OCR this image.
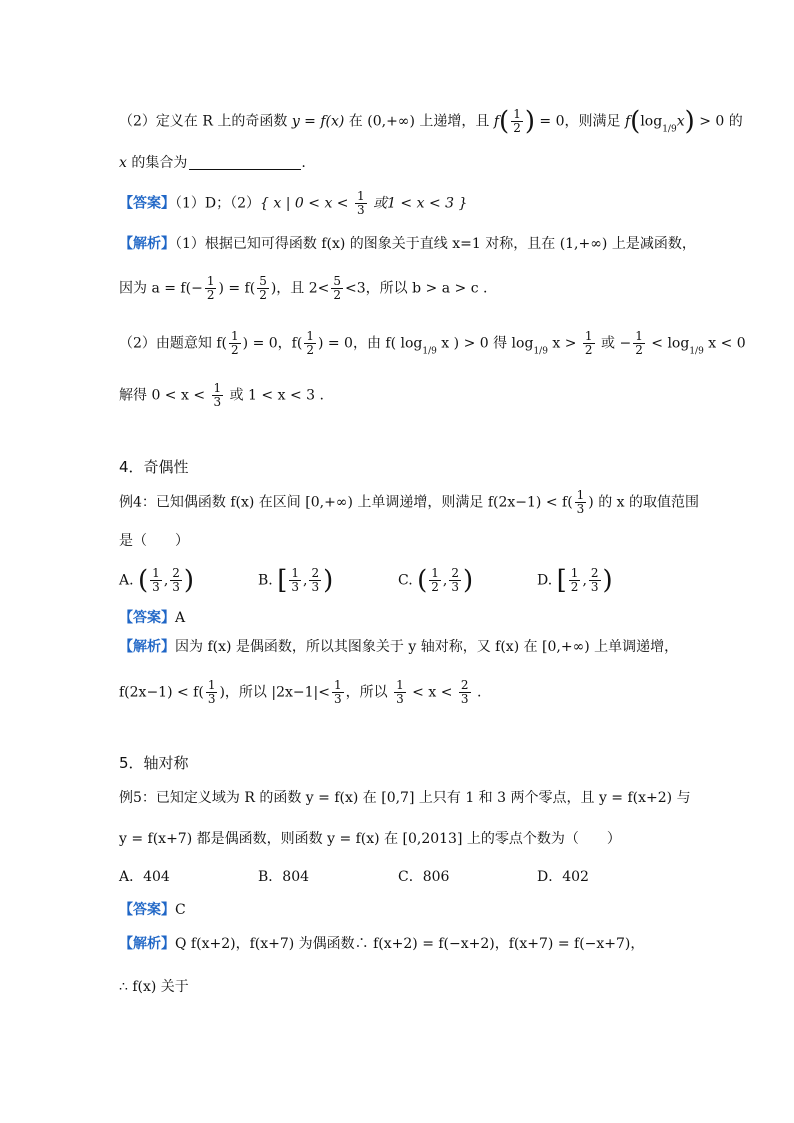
（2）定义在 R 上的奇函数 y = f(x) 在 (0,+∞) 上递增，且 $f( \frac{1}{2}$ ) = 0，则满足 $f(\log_{1/9}x) > 0$ 的
x 的集合为	.
【答案】（1）D；（2）{ x | $0 < x < \frac{1}{3}$ 或1 < x < 3 }
【解析】（1）根据已知可得函数 f(x) 的图象关于直线 x=1 对称，且在 (1,+∞) 上是减函数，
因为 $a = f(- \frac{1}{2}$ ) = $f( \frac{5}{2}$ )，且 $2< \frac{5}{2} <3$，所以 b > a > c .
（2）由题意知 $f( \frac{1}{2}$ ) = 0，$f( \frac{1}{2}$ ) = 0，由 f( $\log_{1/9} x$ ) > 0 得 $\log_{1/9} x > \frac{1}{2}$ 或 − $\frac{1}{2} < \log_{1/9} x < 0$
解得 $0 < x < \frac{1}{3}$ 或 1 < x < 3 .
4．奇偶性
例4：已知偶函数 f(x) 在区间 [0,+∞) 上单调递增，则满足 $f(2x-1) < f( \frac{1}{3}$ ) 的 x 的取值范围
是（　　）
A. ( $\frac{1}{3}$ , $\frac{2}{3}$ )	B. [ $\frac{1}{3}$ , $\frac{2}{3}$ )	C. ( $\frac{1}{2}$ , $\frac{2}{3}$ )	D. [ $\frac{1}{2}$ , $\frac{2}{3}$ )
【答案】A
【解析】因为 f(x) 是偶函数，所以其图象关于 y 轴对称，又 f(x) 在 [0,+∞) 上单调递增，
$f(2x-1) < f( \frac{1}{3}$ )，所以 $|2x-1|< \frac{1}{3}$ ，所以 $\frac{1}{3} < x < \frac{2}{3}$ .
5．轴对称
例5：已知定义域为 R 的函数 y = f(x) 在 [0,7] 上只有 1 和 3 两个零点，且 y = f(x+2) 与
y = f(x+7) 都是偶函数，则函数 y = f(x) 在 [0,2013] 上的零点个数为（　　）
A．404	B．804	C．806	D．402
【答案】C
【解析】Q f(x+2)，f(x+7) 为偶函数∴ f(x+2) = f(−x+2)，f(x+7) = f(−x+7)，
∴ f(x) 关于
